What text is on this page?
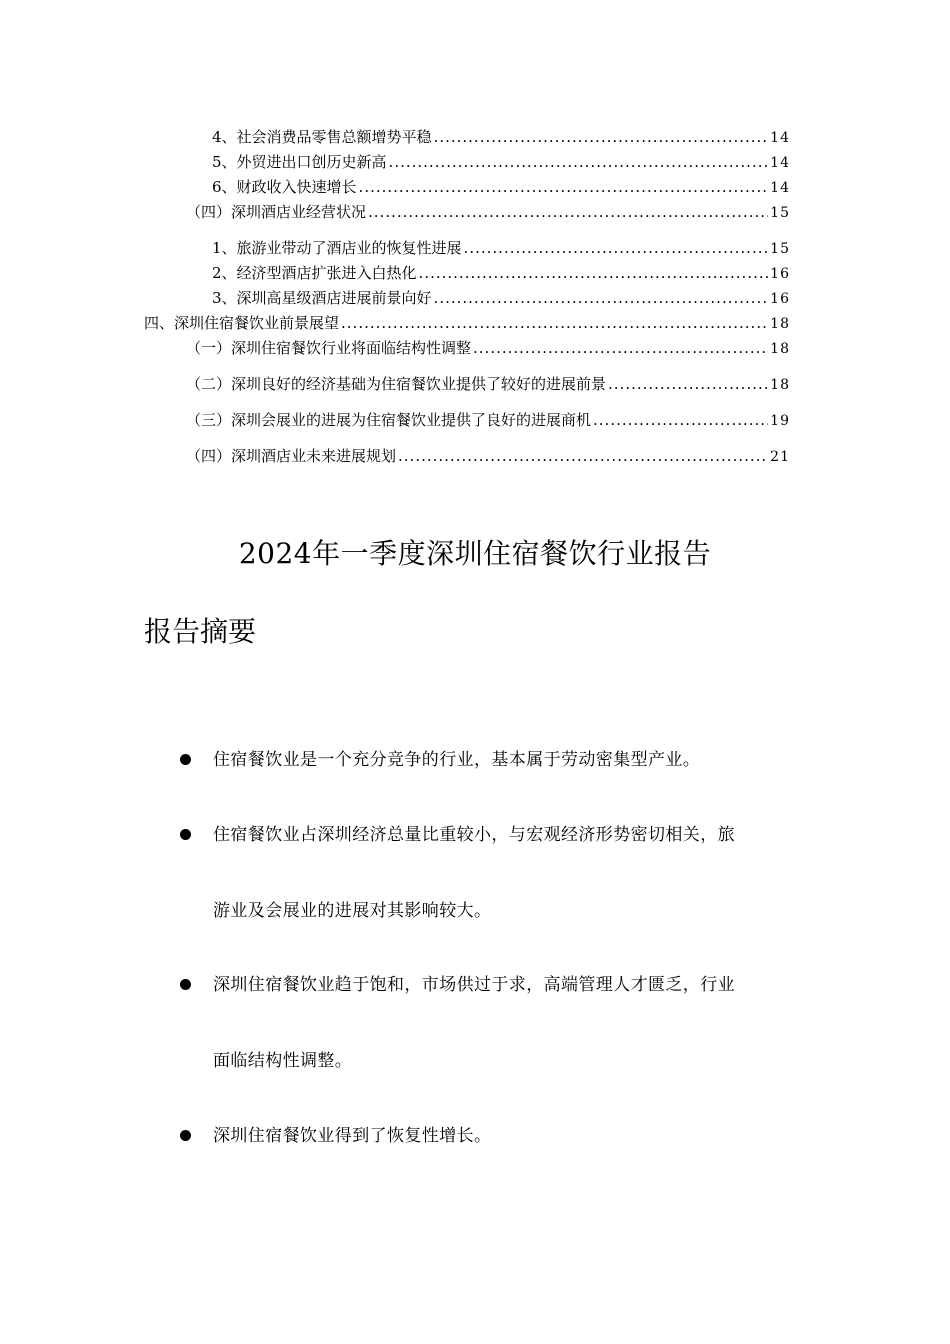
4、社会消费品零售总额增势平稳 .....	14
5、外贸进出口创历史新高 .....	14
6、财政收入快速增长 .....	14
（四）深圳酒店业经营状况 .....	15
1、旅游业带动了酒店业的恢复性进展 .....	15
2、经济型酒店扩张进入白热化 .....	16
3、深圳高星级酒店进展前景向好 .....	16
四、深圳住宿餐饮业前景展望 .....	18
（一）深圳住宿餐饮行业将面临结构性调整 .....	18
（二）深圳良好的经济基础为住宿餐饮业提供了较好的进展前景 .....	18
（三）深圳会展业的进展为住宿餐饮业提供了良好的进展商机 .....	19
（四）深圳酒店业未来进展规划 .....	21
2024年一季度深圳住宿餐饮行业报告
报告摘要
住宿餐饮业是一个充分竞争的行业，基本属于劳动密集型产业。
住宿餐饮业占深圳经济总量比重较小，与宏观经济形势密切相关，旅
游业及会展业的进展对其影响较大。
深圳住宿餐饮业趋于饱和，市场供过于求，高端管理人才匮乏，行业
面临结构性调整。
深圳住宿餐饮业得到了恢复性增长。
